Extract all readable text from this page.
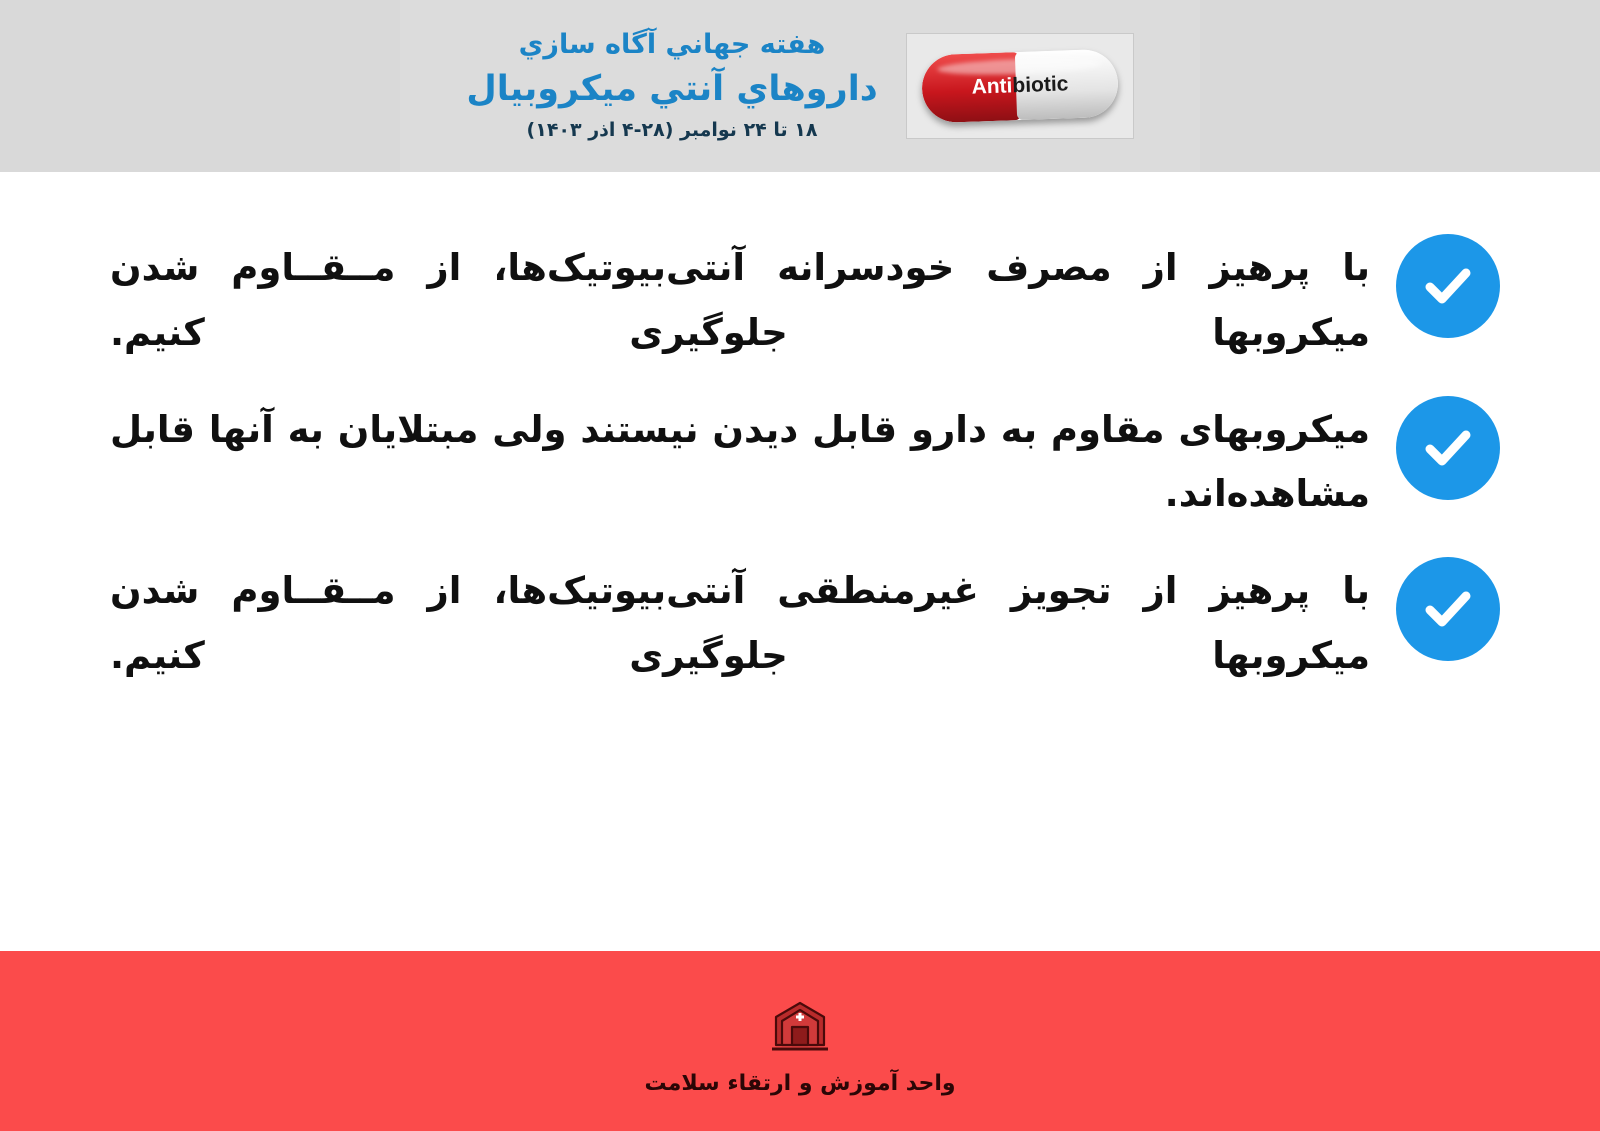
هفته جهاني آگاه سازي
داروهاي آنتي ميكروبيال
۱۸ تا ۲۴ نوامبر (۲۸-۴ اذر ۱۴۰۳)
Antibiotic
با پرهیز از مصرف خودسرانه آنتی‌بیوتیک‌ها، از مــقــاوم شدن میکروبها جلوگیری کنیم.
میکروبهای مقاوم به دارو قابل دیدن نیستند ولی مبتلایان به آنها قابل مشاهده‌اند.
با پرهیز از تجویز غیرمنطقی آنتی‌بیوتیک‌ها، از مــقــاوم شدن میکروبها جلوگیری کنیم.
واحد آموزش و ارتقاء سلامت
